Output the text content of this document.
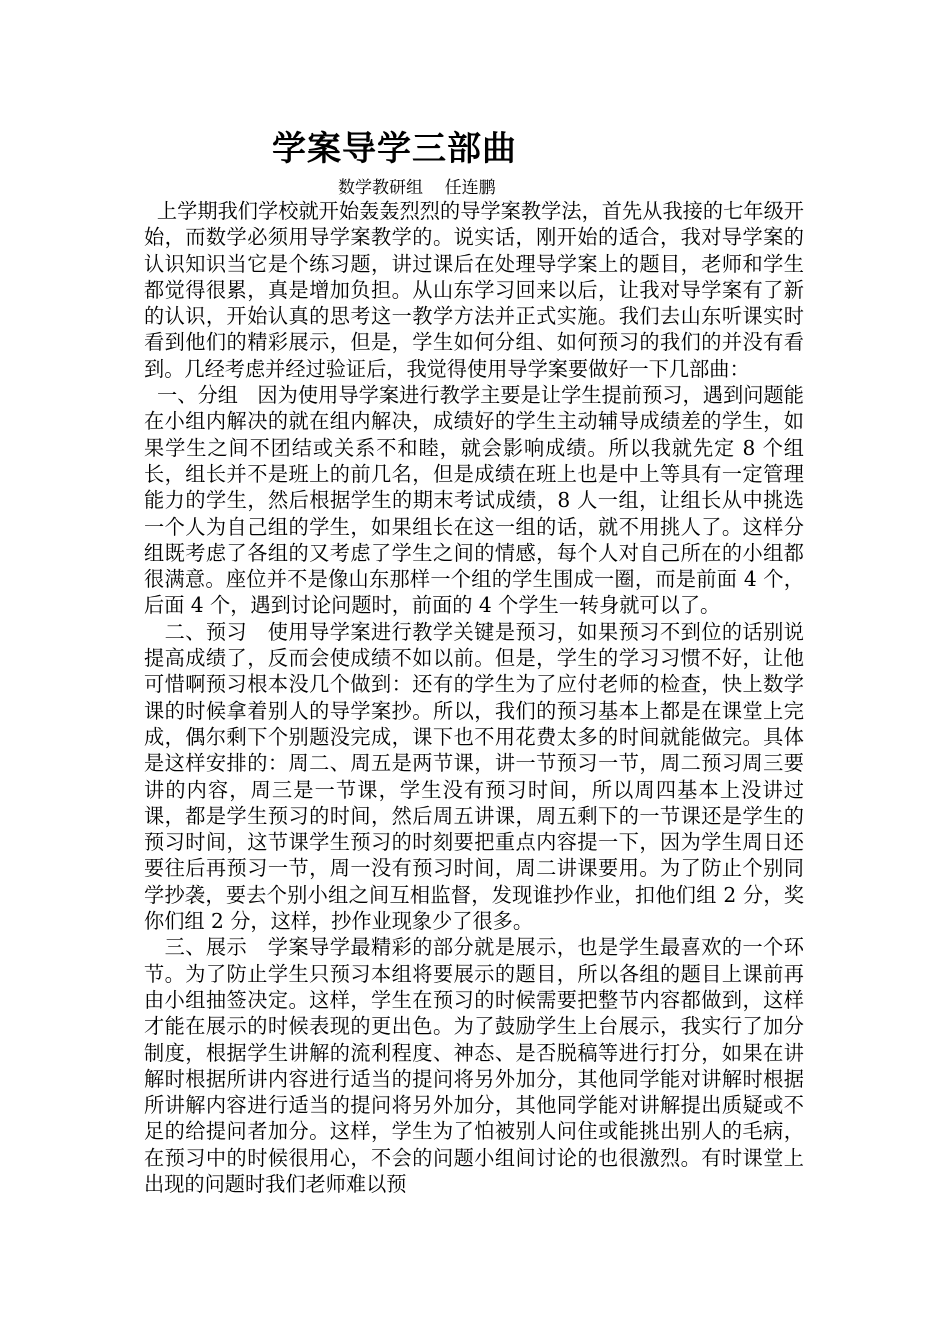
学案导学三部曲
数学教研组    任连鹏

上学期我们学校就开始轰轰烈烈的导学案教学法，首先从我接的七年级开始，而数学必须用导学案教学的。说实话，刚开始的适合，我对导学案的认识知识当它是个练习题，讲过课后在处理导学案上的题目，老师和学生都觉得很累，真是增加负担。从山东学习回来以后，让我对导学案有了新的认识，开始认真的思考这一教学方法并正式实施。我们去山东听课实时看到他们的精彩展示，但是，学生如何分组、如何预习的我们的并没有看到。几经考虑并经过验证后，我觉得使用导学案要做好一下几部曲：

一、分组   因为使用导学案进行教学主要是让学生提前预习，遇到问题能在小组内解决的就在组内解决，成绩好的学生主动辅导成绩差的学生，如果学生之间不团结或关系不和睦，就会影响成绩。所以我就先定 8 个组长，组长并不是班上的前几名，但是成绩在班上也是中上等具有一定管理能力的学生，然后根据学生的期末考试成绩，8 人一组，让组长从中挑选一个人为自己组的学生，如果组长在这一组的话，就不用挑人了。这样分组既考虑了各组的又考虑了学生之间的情感，每个人对自己所在的小组都很满意。座位并不是像山东那样一个组的学生围成一圈，而是前面 4 个，后面 4 个，遇到讨论问题时，前面的 4 个学生一转身就可以了。

二、预习   使用导学案进行教学关键是预习，如果预习不到位的话别说提高成绩了，反而会使成绩不如以前。但是，学生的学习习惯不好，让他可惜啊预习根本没几个做到：还有的学生为了应付老师的检查，快上数学课的时候拿着别人的导学案抄。所以，我们的预习基本上都是在课堂上完成，偶尔剩下个别题没完成，课下也不用花费太多的时间就能做完。具体是这样安排的：周二、周五是两节课，讲一节预习一节，周二预习周三要讲的内容，周三是一节课，学生没有预习时间，所以周四基本上没讲过课，都是学生预习的时间，然后周五讲课，周五剩下的一节课还是学生的预习时间，这节课学生预习的时刻要把重点内容提一下，因为学生周日还要往后再预习一节，周一没有预习时间，周二讲课要用。为了防止个别同学抄袭，要去个别小组之间互相监督，发现谁抄作业，扣他们组 2 分，奖你们组 2 分，这样，抄作业现象少了很多。

三、展示   学案导学最精彩的部分就是展示，也是学生最喜欢的一个环节。为了防止学生只预习本组将要展示的题目，所以各组的题目上课前再由小组抽签决定。这样，学生在预习的时候需要把整节内容都做到，这样才能在展示的时候表现的更出色。为了鼓励学生上台展示，我实行了加分制度，根据学生讲解的流利程度、神态、是否脱稿等进行打分，如果在讲解时根据所讲内容进行适当的提问将另外加分，其他同学能对讲解时根据所讲解内容进行适当的提问将另外加分，其他同学能对讲解提出质疑或不足的给提问者加分。这样，学生为了怕被别人问住或能挑出别人的毛病，在预习中的时候很用心，不会的问题小组间讨论的也很激烈。有时课堂上出现的问题时我们老师难以预
